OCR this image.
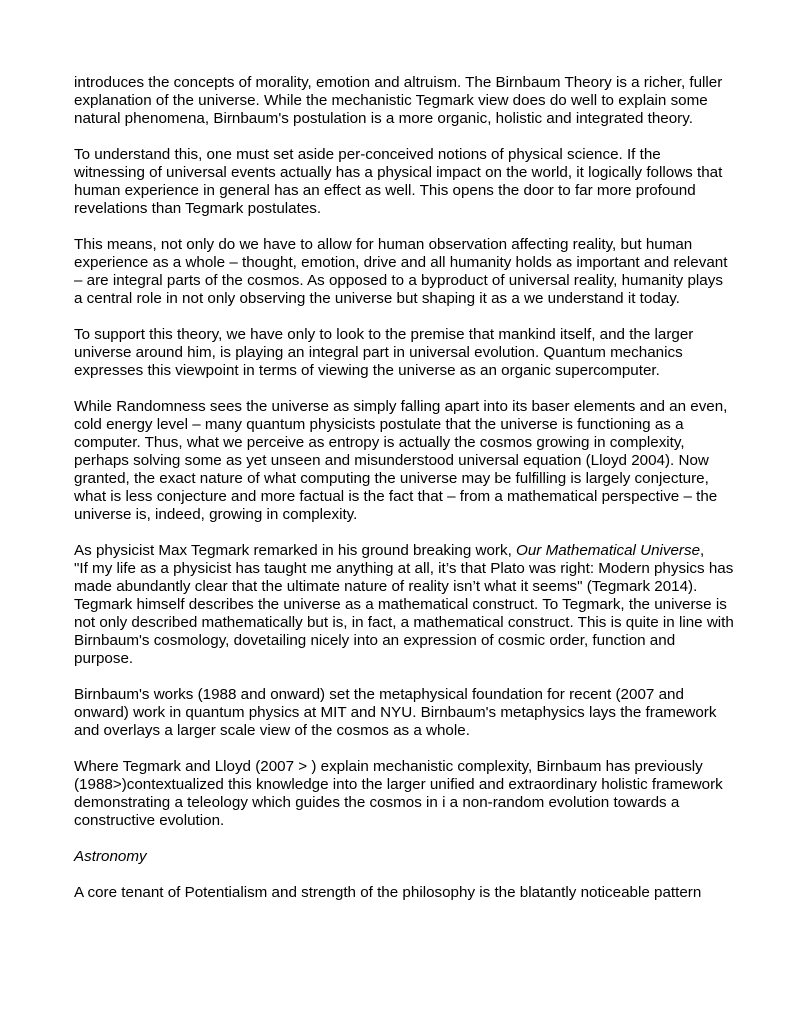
introduces the concepts of morality, emotion and altruism. The Birnbaum Theory is a richer, fuller explanation of the universe. While the mechanistic Tegmark view does do well to explain some natural phenomena, Birnbaum's postulation is a more organic, holistic and integrated theory.

To understand this, one must set aside per-conceived notions of physical science. If the witnessing of universal events actually has a physical impact on the world, it logically follows that human experience in general has an effect as well. This opens the door to far more profound revelations than Tegmark postulates.

This means, not only do we have to allow for human observation affecting reality, but human experience as a whole – thought, emotion, drive and all humanity holds as important and relevant – are integral parts of the cosmos. As opposed to a byproduct of universal reality, humanity plays a central role in not only observing the universe but shaping it as a we understand it today.

To support this theory, we have only to look to the premise that mankind itself, and the larger universe around him, is playing an integral part in universal evolution. Quantum mechanics expresses this viewpoint in terms of viewing the universe as an organic supercomputer.

While Randomness sees the universe as simply falling apart into its baser elements and an even, cold energy level – many quantum physicists postulate that the universe is functioning as a computer. Thus, what we perceive as entropy is actually the cosmos growing in complexity, perhaps solving some as yet unseen and misunderstood universal equation (Lloyd 2004). Now granted, the exact nature of what computing the universe may be fulfilling is largely conjecture, what is less conjecture and more factual is the fact that – from a mathematical perspective – the universe is, indeed, growing in complexity.

As physicist Max Tegmark remarked in his ground breaking work, Our Mathematical Universe,

"If my life as a physicist has taught me anything at all, it’s that Plato was right: Modern physics has made abundantly clear that the ultimate nature of reality isn’t what it seems" (Tegmark 2014). Tegmark himself describes the universe as a mathematical construct. To Tegmark, the universe is not only described mathematically but is, in fact, a mathematical construct. This is quite in line with Birnbaum's cosmology, dovetailing nicely into an expression of cosmic order, function and purpose.

Birnbaum's works (1988 and onward) set the metaphysical foundation for recent (2007 and onward) work in quantum physics at MIT and NYU. Birnbaum's metaphysics lays the framework and overlays a larger scale view of the cosmos as a whole.

Where Tegmark and Lloyd (2007 > ) explain mechanistic complexity, Birnbaum has previously (1988>)contextualized this knowledge into the larger unified and extraordinary holistic framework demonstrating a teleology which guides the cosmos in i a non-random evolution towards a constructive evolution.

Astronomy

A core tenant of Potentialism and strength of the philosophy is the blatantly noticeable pattern
